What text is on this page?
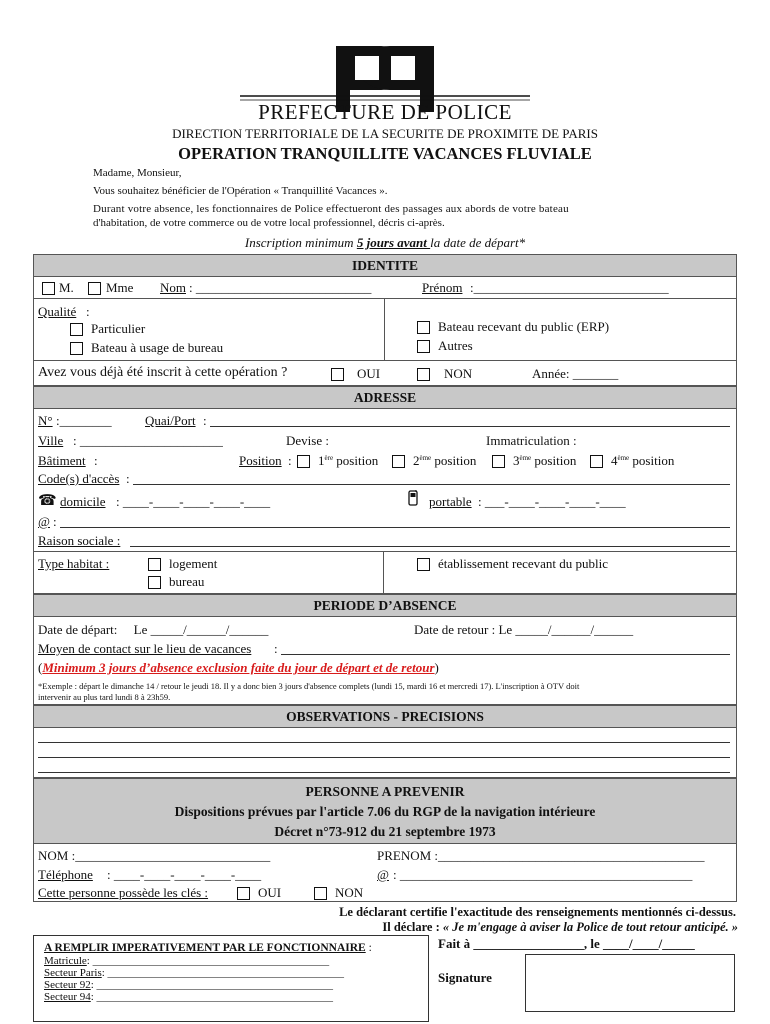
PREFECTURE DE POLICE
DIRECTION TERRITORIALE DE LA SECURITE DE PROXIMITE DE PARIS
OPERATION TRANQUILLITE VACANCES FLUVIALE
Madame, Monsieur,
Vous souhaitez bénéficier de l'Opération « Tranquillité Vacances ».
Durant votre absence, les fonctionnaires de Police effectueront des passages aux abords de votre bateau
d'habitation, de votre commerce ou de votre local professionnel, décris ci-après.
Inscription minimum 5 jours avant la date de départ*
IDENTITE
M. Mme Nom : ___________________________	Prénom :______________________________
Qualité :
Particulier
Bateau à usage de bureau
Bateau recevant du public (ERP)
Autres
Avez vous déjà été inscrit à cette opération ?	OUI	NON	Année: _______
ADRESSE
N° :________	Quai/Port :
Ville : ______________________	Devise :	Immatriculation :
Bâtiment :	Position : 1ère position	2ème position	3ème position	4ème position
Code(s) d'accès :
☎ domicile : ____-____-____-____-____	portable : ___-____-____-____-____
@ :
Raison sociale :
Type habitat :	logement
bureau
établissement recevant du public
PERIODE D’ABSENCE
Date de départ:     Le _____/______/______	Date de retour : Le _____/______/______
Moyen de contact sur le lieu de vacances :
(Minimum 3 jours d’absence exclusion faite du jour de départ et de retour)
*Exemple : départ le dimanche 14 / retour le jeudi 18. Il y a donc bien 3 jours d'absence complets (lundi 15, mardi 16 et mercredi 17). L'inscription à OTV doit
intervenir au plus tard lundi 8 à 23h59.
OBSERVATIONS - PRECISIONS
PERSONNE A PREVENIR
Dispositions prévues par l'article 7.06 du RGP de la navigation intérieure
Décret n°73-912 du 21 septembre 1973
NOM :______________________________	PRENOM :_________________________________________
Téléphone : ____-____-____-____-____	@ : _____________________________________________
Cette personne possède les clés :	OUI	NON
Le déclarant certifie l'exactitude des renseignements mentionnés ci-dessus.
Il déclare : « Je m'engage à aviser la Police de tout retour anticipé. »
A REMPLIR IMPERATIVEMENT PAR LE FONCTIONNAIRE :
Matricule: ___________________________________________
Secteur Paris: ___________________________________________
Secteur 92: ___________________________________________
Secteur 94: ___________________________________________
Fait à _________________, le ____/____/_____
Signature
